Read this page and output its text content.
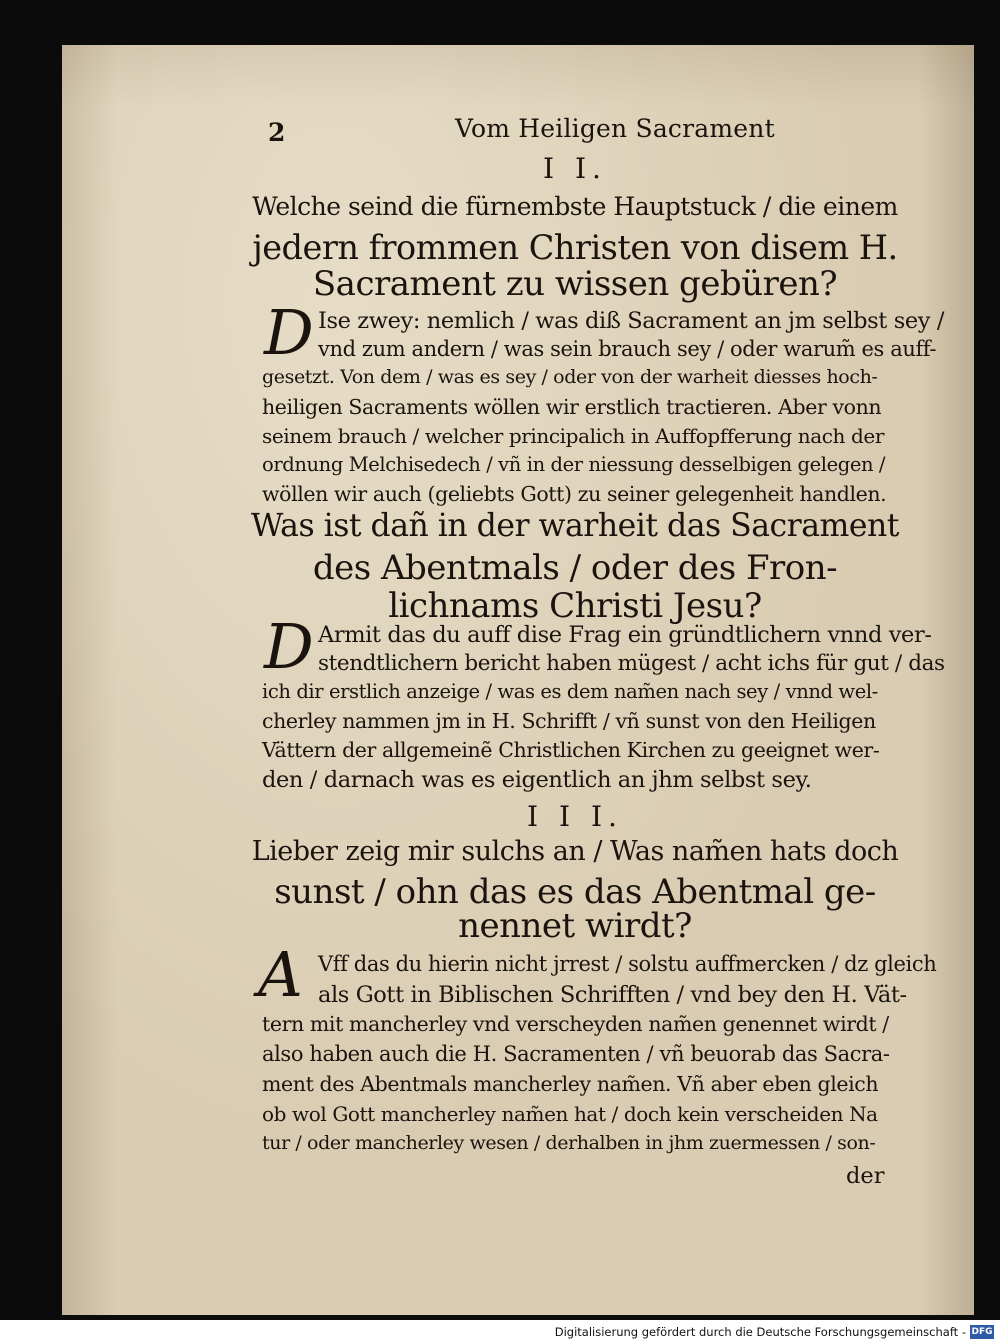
2	Vom Heiligen Sacrament
I I.
Welche seind die fürnembste Hauptstuck / die einem
jedern frommen Christen von disem H.
Sacrament zu wissen gebüren?
D Ise zwey: nemlich / was diß Sacrament an jm selbst sey /
vnd zum andern / was sein brauch sey / oder warum̃ es auff-
gesetzt. Von dem / was es sey / oder von der warheit diesses hoch-
heiligen Sacraments wöllen wir erstlich tractieren. Aber vonn
seinem brauch / welcher principalich in Auffopfferung nach der
ordnung Melchisedech / vñ in der niessung desselbigen gelegen /
wöllen wir auch (geliebts Gott) zu seiner gelegenheit handlen.
Was ist dañ in der warheit das Sacrament
des Abentmals / oder des Fron-
lichnams Christi Jesu?
D Armit das du auff dise Frag ein gründtlichern vnnd ver-
stendtlichern bericht haben mügest / acht ichs für gut / das
ich dir erstlich anzeige / was es dem nam̃en nach sey / vnnd wel-
cherley nammen jm in H. Schrifft / vñ sunst von den Heiligen
Vättern der allgemeinẽ Christlichen Kirchen zu geeignet wer-
den / darnach was es eigentlich an jhm selbst sey.
I I I.
Lieber zeig mir sulchs an / Was nam̃en hats doch
sunst / ohn das es das Abentmal ge-
nennet wirdt?
A Vff das du hierin nicht jrrest / solstu auffmercken / dz gleich
als Gott in Biblischen Schrifften / vnd bey den H. Vät-
tern mit mancherley vnd verscheyden nam̃en genennet wirdt /
also haben auch die H. Sacramenten / vñ beuorab das Sacra-
ment des Abentmals mancherley nam̃en. Vñ aber eben gleich
ob wol Gott mancherley nam̃en hat / doch kein verscheiden Na
tur / oder mancherley wesen / derhalben in jhm zuermessen / son-
der
Digitalisierung gefördert durch die Deutsche Forschungsgemeinschaft - DFG
